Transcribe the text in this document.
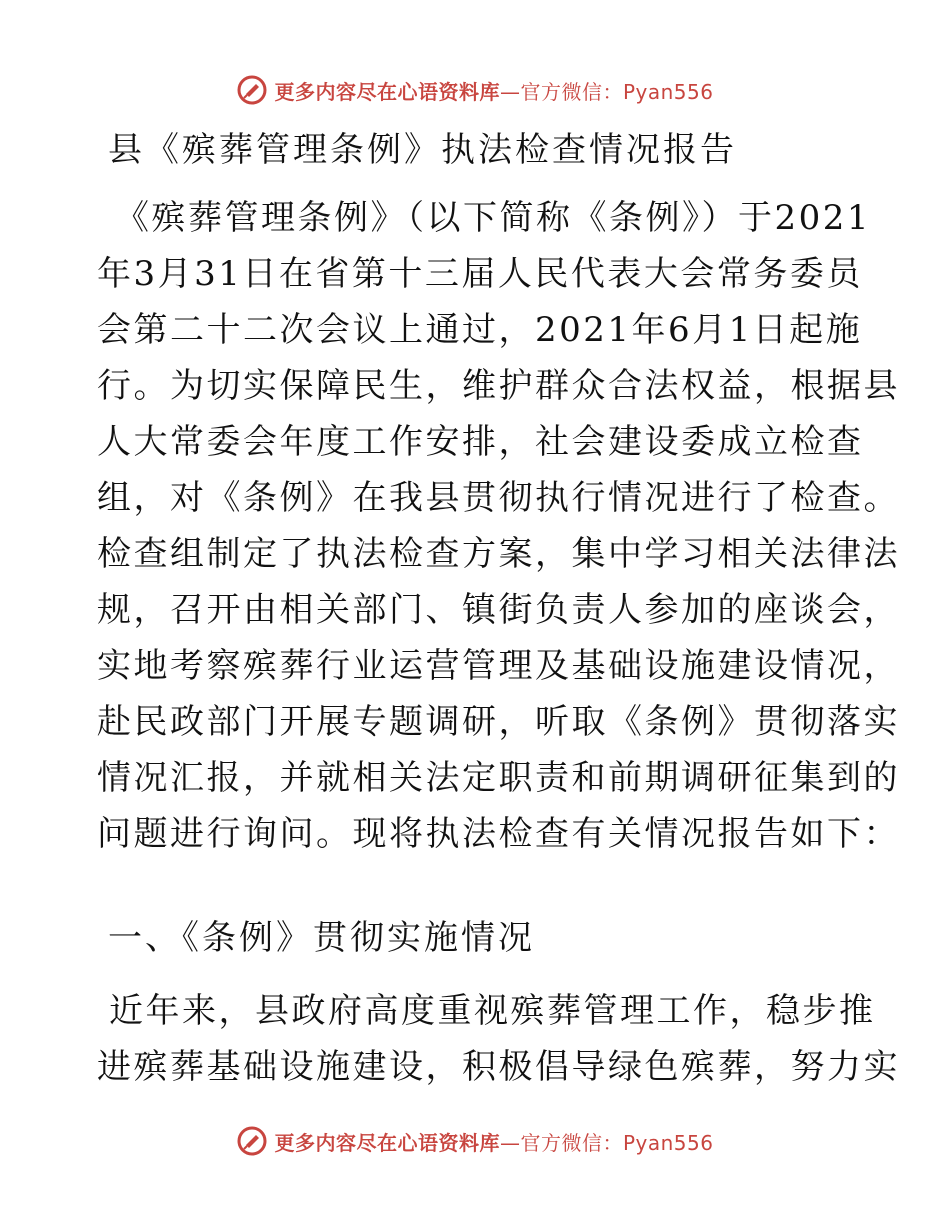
更多内容尽在心语资料库 —官方微信：Pyan556
县《殡葬管理条例》执法检查情况报告
《殡葬管理条例》（以下简称《条例》）于2021
年3月31日在省第十三届人民代表大会常务委员
会第二十二次会议上通过，2021年6月1日起施
行。为切实保障民生，维护群众合法权益，根据县
人大常委会年度工作安排，社会建设委成立检查
组，对《条例》在我县贯彻执行情况进行了检查。
检查组制定了执法检查方案，集中学习相关法律法
规，召开由相关部门、镇街负责人参加的座谈会，
实地考察殡葬行业运营管理及基础设施建设情况，
赴民政部门开展专题调研，听取《条例》贯彻落实
情况汇报，并就相关法定职责和前期调研征集到的
问题进行询问。现将执法检查有关情况报告如下：
一、《条例》贯彻实施情况
近年来，县政府高度重视殡葬管理工作，稳步推
进殡葬基础设施建设，积极倡导绿色殡葬，努力实
更多内容尽在心语资料库 —官方微信：Pyan556
